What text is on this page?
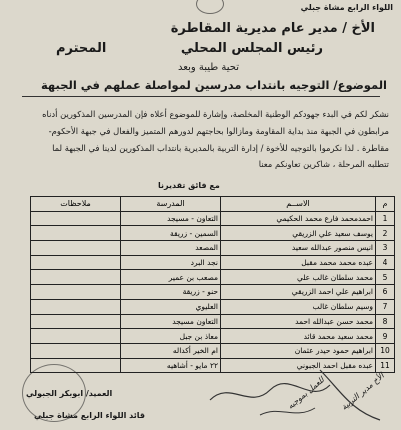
اللواء الرابع مشاة جبلي
الأخ / مدير عام مديرية المقاطرة
رئيس المجلس المحلي
المحترم
تحية طيبة وبعد
الموضوع/ التوجيه بانتداب مدرسين لمواصلة عملهم في الجبهة
نشكر لكم في البدء جهودكم الوطنية المخلصة، وإشارة للموضوع أعلاه فإن المدرسين المذكورين أدناه
مرابطون في الجبهة منذ بداية المقاومة ومازالوا بحاجتهم لدورهم المتميز والفعال في جبهة الأحكوم-
مقاطرة . لذا نكرموا بالتوجيه للأخوة / إدارة التربية بالمديرية بانتداب المذكورين لدينا في الجبهة لما
تتطلبه المرحلة ، شاكرين تعاونكم معنا
مع فائق تقديرنا
م	الاســم	المدرسة	ملاحظات
1	احمدمحمد فارع محمد الحكيمي	التعاون - مسيجد	
2	يوسف سعيد علي الزريقي	السمين - زريقة	
3	انيس منصور عبدالله سعيد	المصعد	
4	عبده محمد محمد مقبل	نجد البرد	
5	محمد سلطان غالب علي	مصعب بن عمير	
6	ابراهيم علي احمد الزريقي	حنو - زريقة	
7	وسيم سلطان غالب	العليوي	
8	محمد حسن عبدالله احمد	التعاون مسيجد	
9	محمد سعيد محمد قائد	معاذ بن جبل	
10	ابراهيم حمود حيدر عثمان	ام الخير أكداله	
11	عبده مقبل احمد الجبوني	٢٢ مايو - أشاهيه	
العميد/ ابوبكر الجبولي
قائد اللواء الرابع مشاة جبلي
الأخ مدير التربية
للعمل بموجبه
